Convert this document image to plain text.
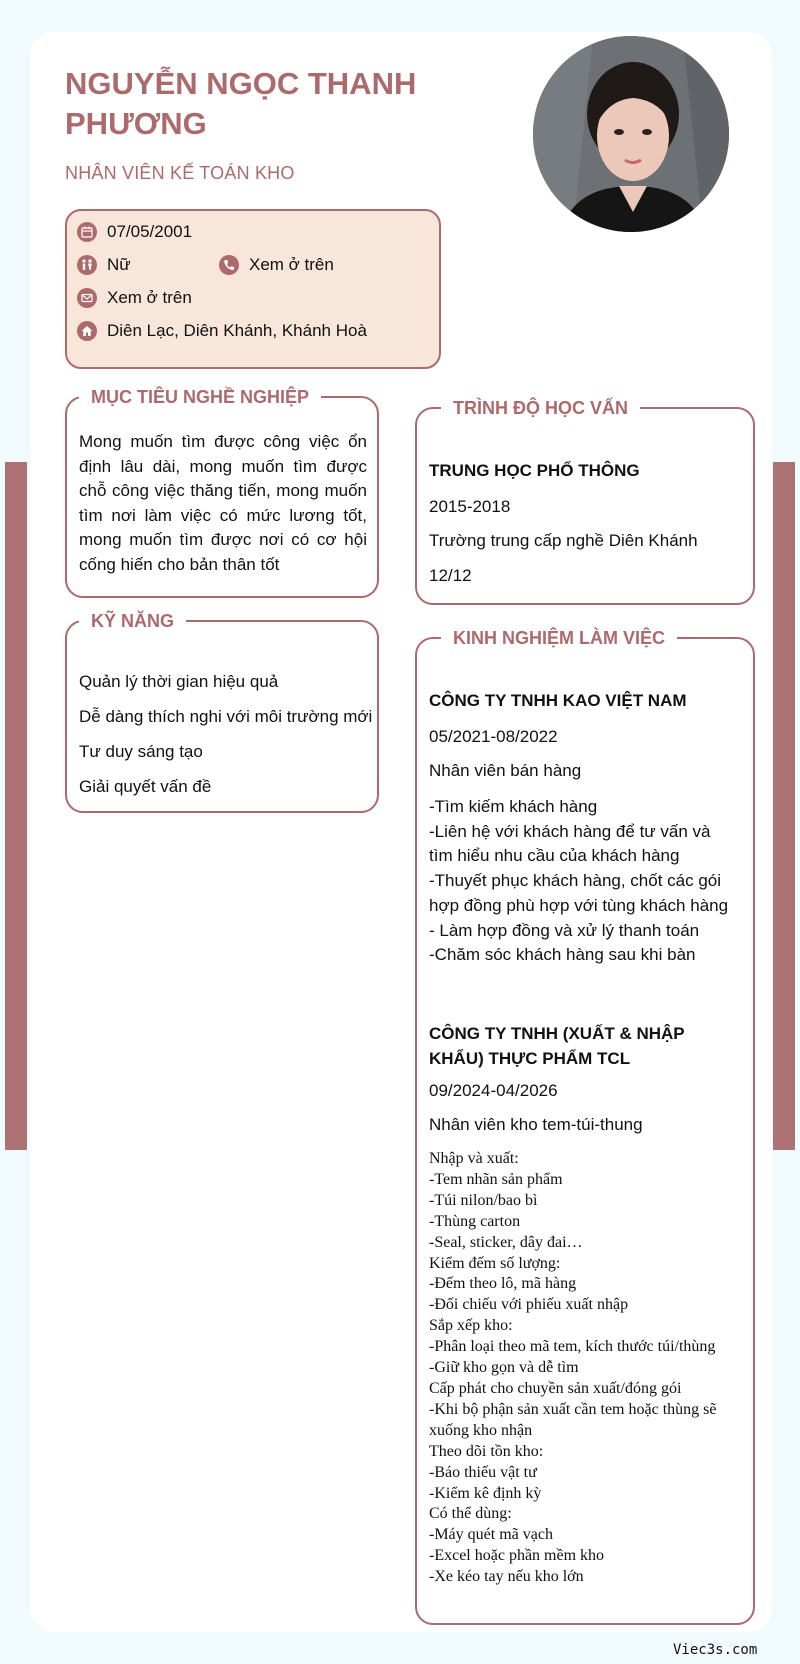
NGUYỄN NGỌC THANH PHƯƠNG
NHÂN VIÊN KẾ TOÁN KHO
07/05/2001
Nữ	Xem ở trên
Xem ở trên
Diên Lạc, Diên Khánh, Khánh Hoà
MỤC TIÊU NGHỀ NGHIỆP

Mong muốn tìm được công việc ổn định lâu dài, mong muốn tìm được chỗ công việc thăng tiến, mong muốn tìm nơi làm việc có mức lương tốt, mong muốn tìm được nơi có cơ hội cống hiến cho bản thân tốt

KỸ NĂNG
Quản lý thời gian hiệu quả
Dễ dàng thích nghi với môi trường mới
Tư duy sáng tạo
Giải quyết vấn đề
TRÌNH ĐỘ HỌC VẤN
TRUNG HỌC PHỔ THÔNG
2015-2018
Trường trung cấp nghề Diên Khánh
12/12
KINH NGHIỆM LÀM VIỆC
CÔNG TY TNHH KAO VIỆT NAM
05/2021-08/2022
Nhân viên bán hàng

-Tìm kiếm khách hàng
-Liên hệ với khách hàng để tư vấn và tìm hiểu nhu cầu của khách hàng
-Thuyết phục khách hàng, chốt các gói hợp đồng phù hợp với tùng khách hàng
- Làm hợp đồng và xử lý thanh toán
-Chăm sóc khách hàng sau khi bàn

CÔNG TY TNHH (XUẤT & NHẬP KHẨU) THỰC PHẨM TCL
09/2024-04/2026
Nhân viên kho tem-túi-thung

Nhập và xuất:
-Tem nhãn sản phẩm
-Túi nilon/bao bì
-Thùng carton
-Seal, sticker, dây đai…
Kiểm đếm số lượng:
-Đếm theo lô, mã hàng
-Đối chiếu với phiếu xuất nhập
Sắp xếp kho:
-Phân loại theo mã tem, kích thước túi/thùng
-Giữ kho gọn và dễ tìm
Cấp phát cho chuyền sản xuất/đóng gói
-Khi bộ phận sản xuất cần tem hoặc thùng sẽ xuống kho nhận
Theo dõi tồn kho:
-Báo thiếu vật tư
-Kiểm kê định kỳ
Có thể dùng:
-Máy quét mã vạch
-Excel hoặc phần mềm kho
-Xe kéo tay nếu kho lớn

Viec3s.com
